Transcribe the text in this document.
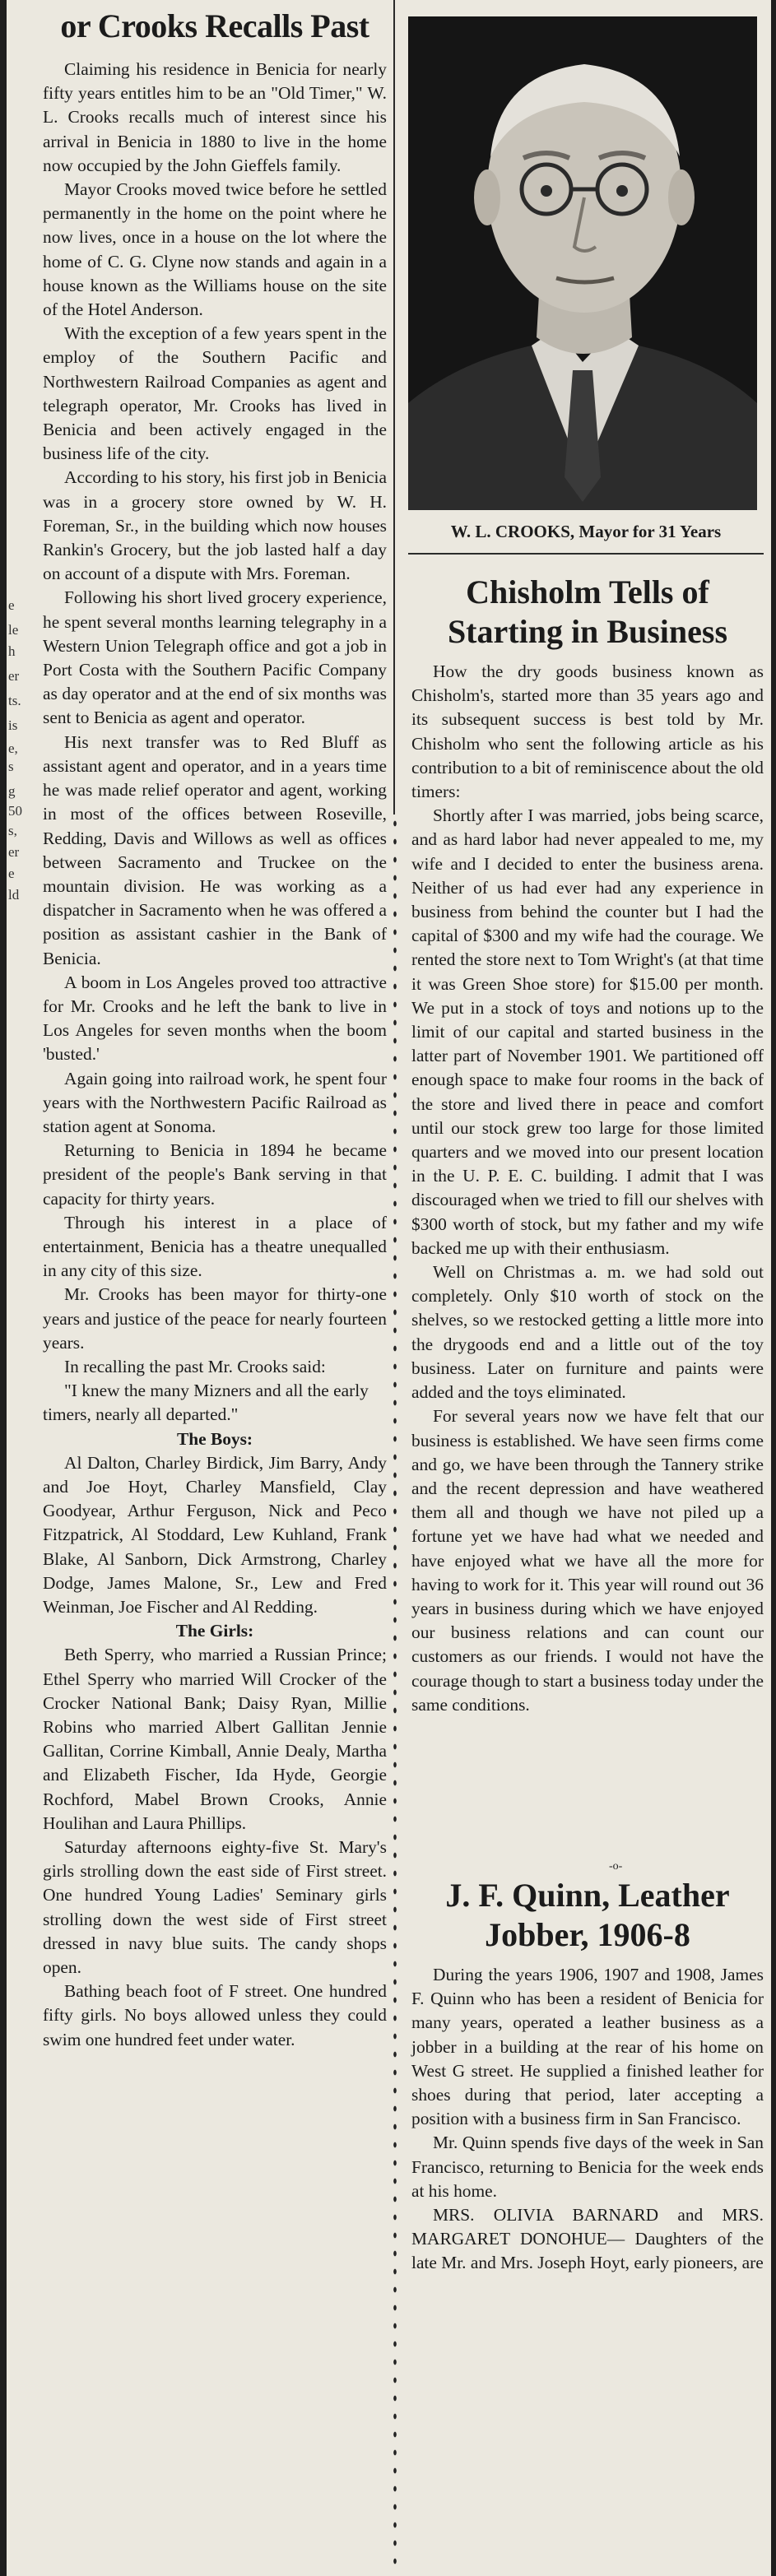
e
le
h
er
ts.
is
e,
s
g
50
s,
er
e
ld
or Crooks Recalls Past

Claiming his residence in Benicia for nearly fifty years entitles him to be an "Old Timer," W. L. Crooks recalls much of interest since his arrival in Benicia in 1880 to live in the home now occupied by the John Gieffels family.

Mayor Crooks moved twice before he settled permanently in the home on the point where he now lives, once in a house on the lot where the home of C. G. Clyne now stands and again in a house known as the Williams house on the site of the Hotel Anderson.

With the exception of a few years spent in the employ of the Southern Pacific and Northwestern Railroad Companies as agent and telegraph operator, Mr. Crooks has lived in Benicia and been actively engaged in the business life of the city.

According to his story, his first job in Benicia was in a grocery store owned by W. H. Foreman, Sr., in the building which now houses Rankin's Grocery, but the job lasted half a day on account of a dispute with Mrs. Foreman.

Following his short lived grocery experience, he spent several months learning telegraphy in a Western Union Telegraph office and got a job in Port Costa with the Southern Pacific Company as day operator and at the end of six months was sent to Benicia as agent and operator.

His next transfer was to Red Bluff as assistant agent and operator, and in a years time he was made relief operator and agent, working in most of the offices between Roseville, Redding, Davis and Willows as well as offices between Sacramento and Truckee on the mountain division. He was working as a dispatcher in Sacramento when he was offered a position as assistant cashier in the Bank of Benicia.

A boom in Los Angeles proved too attractive for Mr. Crooks and he left the bank to live in Los Angeles for seven months when the boom 'busted.'

Again going into railroad work, he spent four years with the Northwestern Pacific Railroad as station agent at Sonoma.

Returning to Benicia in 1894 he became president of the people's Bank serving in that capacity for thirty years.

Through his interest in a place of entertainment, Benicia has a theatre unequalled in any city of this size.

Mr. Crooks has been mayor for thirty-one years and justice of the peace for nearly fourteen years.

In recalling the past Mr. Crooks said:

"I knew the many Mizners and all the early timers, nearly all departed."

The Boys:

Al Dalton, Charley Birdick, Jim Barry, Andy and Joe Hoyt, Charley Mansfield, Clay Goodyear, Arthur Ferguson, Nick and Peco Fitzpatrick, Al Stoddard, Lew Kuhland, Frank Blake, Al Sanborn, Dick Armstrong, Charley Dodge, James Malone, Sr., Lew and Fred Weinman, Joe Fischer and Al Redding.

The Girls:

Beth Sperry, who married a Russian Prince; Ethel Sperry who married Will Crocker of the Crocker National Bank; Daisy Ryan, Millie Robins who married Albert Gallitan Jennie Gallitan, Corrine Kimball, Annie Dealy, Martha and Elizabeth Fischer, Ida Hyde, Georgie Rochford, Mabel Brown Crooks, Annie Houlihan and Laura Phillips.

Saturday afternoons eighty-five St. Mary's girls strolling down the east side of First street. One hundred Young Ladies' Seminary girls strolling down the west side of First street dressed in navy blue suits. The candy shops open.

Bathing beach foot of F street. One hundred fifty girls. No boys allowed unless they could swim one hundred feet under water.

W. L. CROOKS, Mayor for 31 Years
Chisholm Tells of Starting in Business

How the dry goods business known as Chisholm's, started more than 35 years ago and its subsequent success is best told by Mr. Chisholm who sent the following article as his contribution to a bit of reminiscence about the old timers:

Shortly after I was married, jobs being scarce, and as hard labor had never appealed to me, my wife and I decided to enter the business arena. Neither of us had ever had any experience in business from behind the counter but I had the capital of $300 and my wife had the courage. We rented the store next to Tom Wright's (at that time it was Green Shoe store) for $15.00 per month. We put in a stock of toys and notions up to the limit of our capital and started business in the latter part of November 1901. We partitioned off enough space to make four rooms in the back of the store and lived there in peace and comfort until our stock grew too large for those limited quarters and we moved into our present location in the U. P. E. C. building. I admit that I was discouraged when we tried to fill our shelves with $300 worth of stock, but my father and my wife backed me up with their enthusiasm.

Well on Christmas a. m. we had sold out completely. Only $10 worth of stock on the shelves, so we restocked getting a little more into the drygoods end and a little out of the toy business. Later on furniture and paints were added and the toys eliminated.

For several years now we have felt that our business is established. We have seen firms come and go, we have been through the Tannery strike and the recent depression and have weathered them all and though we have not piled up a fortune yet we have had what we needed and have enjoyed what we have all the more for having to work for it. This year will round out 36 years in business during which we have enjoyed our business relations and can count our customers as our friends. I would not have the courage though to start a business today under the same conditions.

-o-
J. F. Quinn, Leather Jobber, 1906-8

During the years 1906, 1907 and 1908, James F. Quinn who has been a resident of Benicia for many years, operated a leather business as a jobber in a building at the rear of his home on West G street. He supplied a finished leather for shoes during that period, later accepting a position with a business firm in San Francisco.

Mr. Quinn spends five days of the week in San Francisco, returning to Benicia for the week ends at his home.

MRS. OLIVIA BARNARD and MRS. MARGARET DONOHUE— Daughters of the late Mr. and Mrs. Joseph Hoyt, early pioneers, are
